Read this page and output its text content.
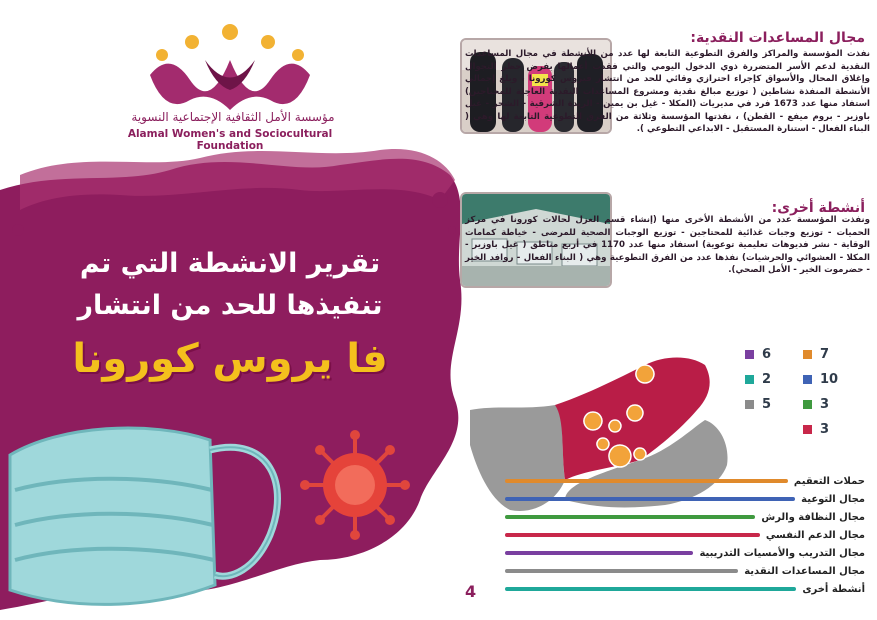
مؤسسة الأمل الثقافية الإجتماعية النسوية
Alamal Women's and Sociocultural Foundation
تقرير الانشطة التي تم
تنفيذها للحد من انتشار
فا يروس كورونا
مجال المساعدات النقدية:
نفذت المؤسسة والمراكز والفرق التطوعية التابعة لها عدد من الأنشطة في مجال المساعدات النقدية لدعم الأسر المتضررة ذوي الدخول اليومي والتي فقدت أعمالها بفرض حظر التجوال وإغلاق المحال والأسواق كإجراء احترازي وقائي للحد من انتشار فيروس كورونا ، وبلغ إجمالي الأنشطة المنفذة نشاطين ( توزيع مبالغ نقدية ومشروع المساعدات النقدية العاجلة للمحتاجين) استفاد منها عدد 1673 فرد في مديريات (المكلا - غيل بن يمين - الريدة الشرقية - الشحر - غيل باوزير - بروم ميفع - القطن) ، نفذتها المؤسسة وثلاثة من الفرق التطوعية التابعة لها وهي ( البناء الفعال - استنارة المستقبل - الابداعي التطوعي ).
أنشطة أخرى:
ونفذت المؤسسة عدد من الأنشطة الأخرى منها (إنشاء قسم العزل لحالات كورونا في مركز الحميات - توزيع وجبات غذائية للمحتاجين - توزيع الوجبات الصحية للمرضى - خياطة كمامات الوقاية - نشر فديوهات تعليمية توعوية) استفاد منها عدد 1170 في أربع مناطق ( غيل باوزير - المكلا - العشوائي والحرشيات) نفذها عدد من الفرق التطوعية وهي ( البناء الفعال - روافد الخير - حضرموت الخير - الأمل الصحي).
7
6
10
2
3
5
3
حملات التعقيم
مجال التوعية
مجال النظافة والرش
مجال الدعم النفسي
مجال التدريب والأمسيات التدريبية
مجال المساعدات النقدية
أنشطة أخرى
4
